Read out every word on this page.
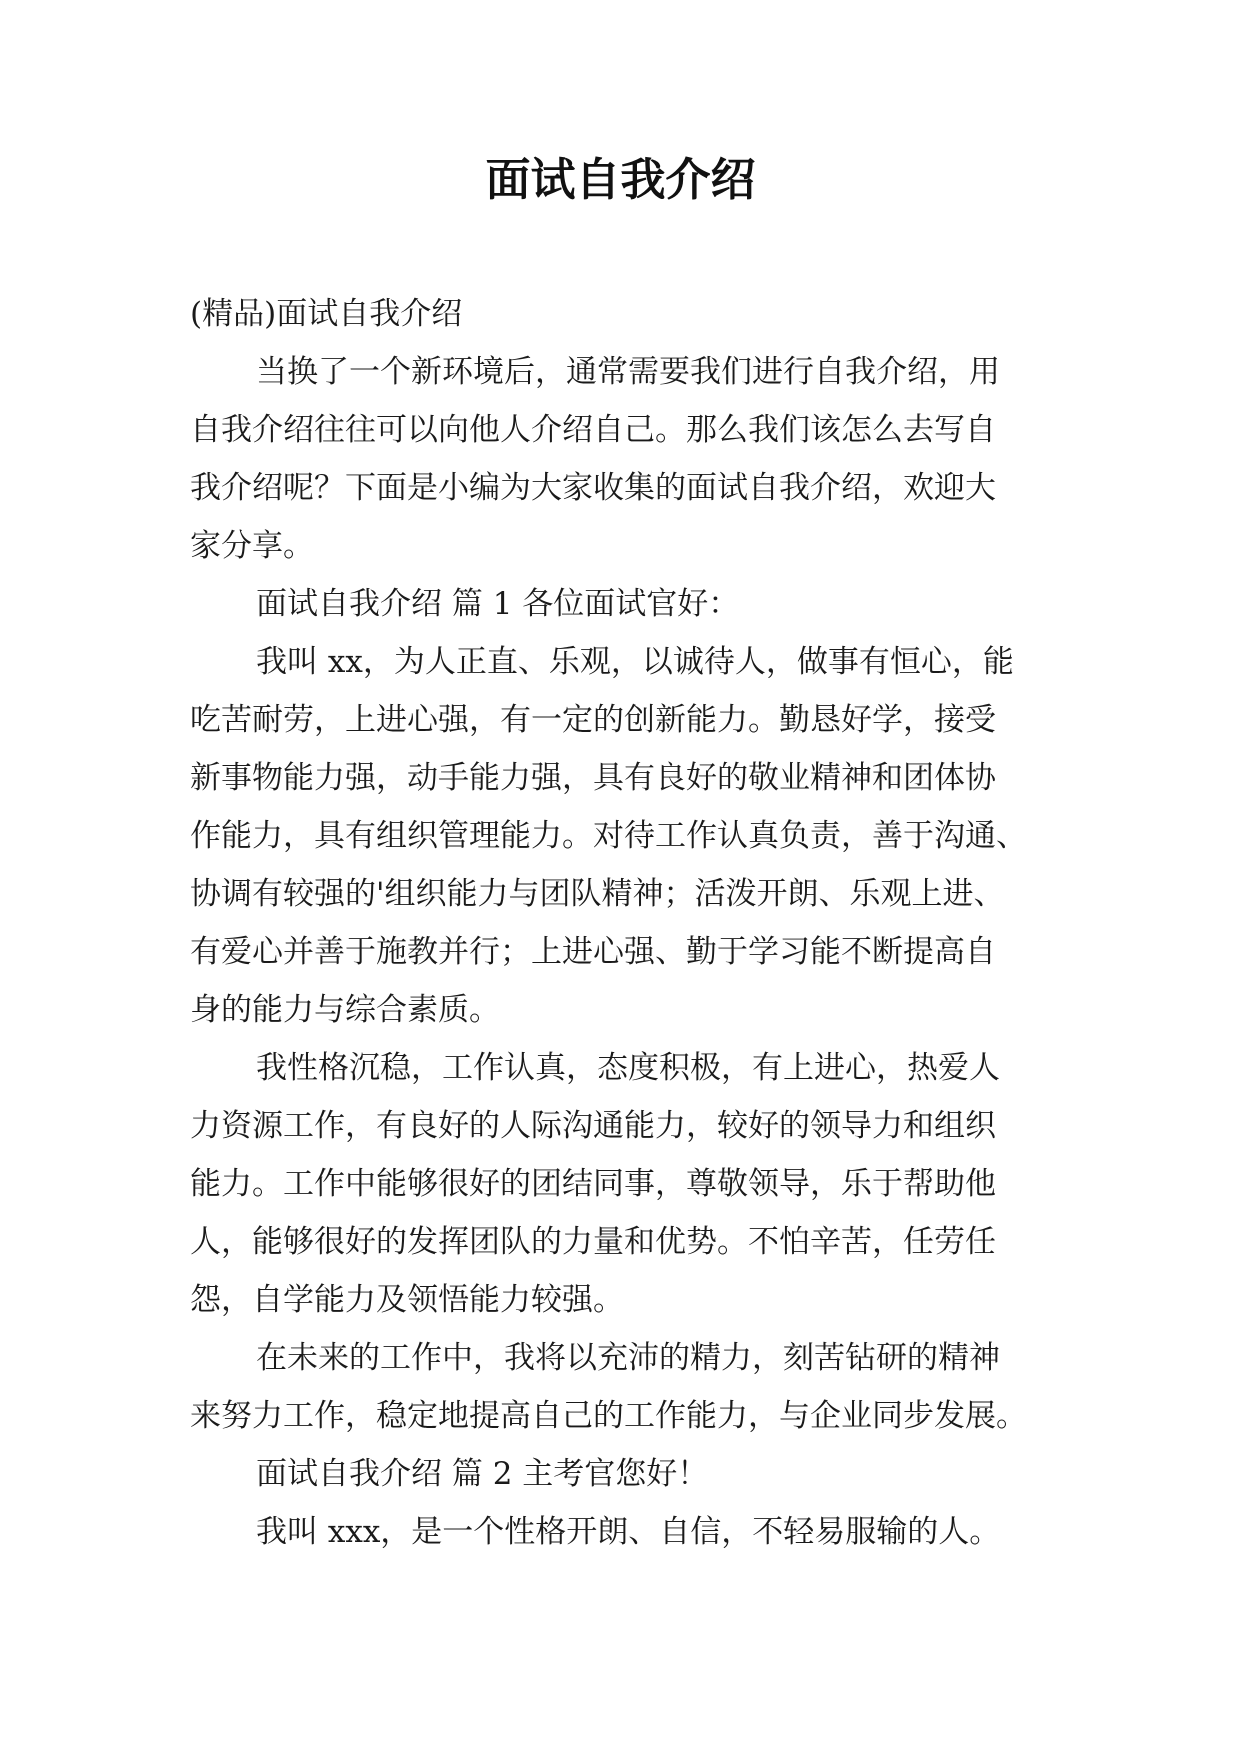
面试自我介绍
(精品)面试自我介绍
当换了一个新环境后，通常需要我们进行自我介绍，用
自我介绍往往可以向他人介绍自己。那么我们该怎么去写自
我介绍呢？下面是小编为大家收集的面试自我介绍，欢迎大
家分享。
面试自我介绍 篇 1 各位面试官好：
我叫 xx，为人正直、乐观，以诚待人，做事有恒心，能
吃苦耐劳，上进心强，有一定的创新能力。勤恳好学，接受
新事物能力强，动手能力强，具有良好的敬业精神和团体协
作能力，具有组织管理能力。对待工作认真负责，善于沟通、
协调有较强的'组织能力与团队精神；活泼开朗、乐观上进、
有爱心并善于施教并行；上进心强、勤于学习能不断提高自
身的能力与综合素质。
我性格沉稳，工作认真，态度积极，有上进心，热爱人
力资源工作，有良好的人际沟通能力，较好的领导力和组织
能力。工作中能够很好的团结同事，尊敬领导，乐于帮助他
人，能够很好的发挥团队的力量和优势。不怕辛苦，任劳任
怨，自学能力及领悟能力较强。
在未来的工作中，我将以充沛的精力，刻苦钻研的精神
来努力工作，稳定地提高自己的工作能力，与企业同步发展。
面试自我介绍 篇 2 主考官您好！
我叫 xxx，是一个性格开朗、自信，不轻易服输的人。
